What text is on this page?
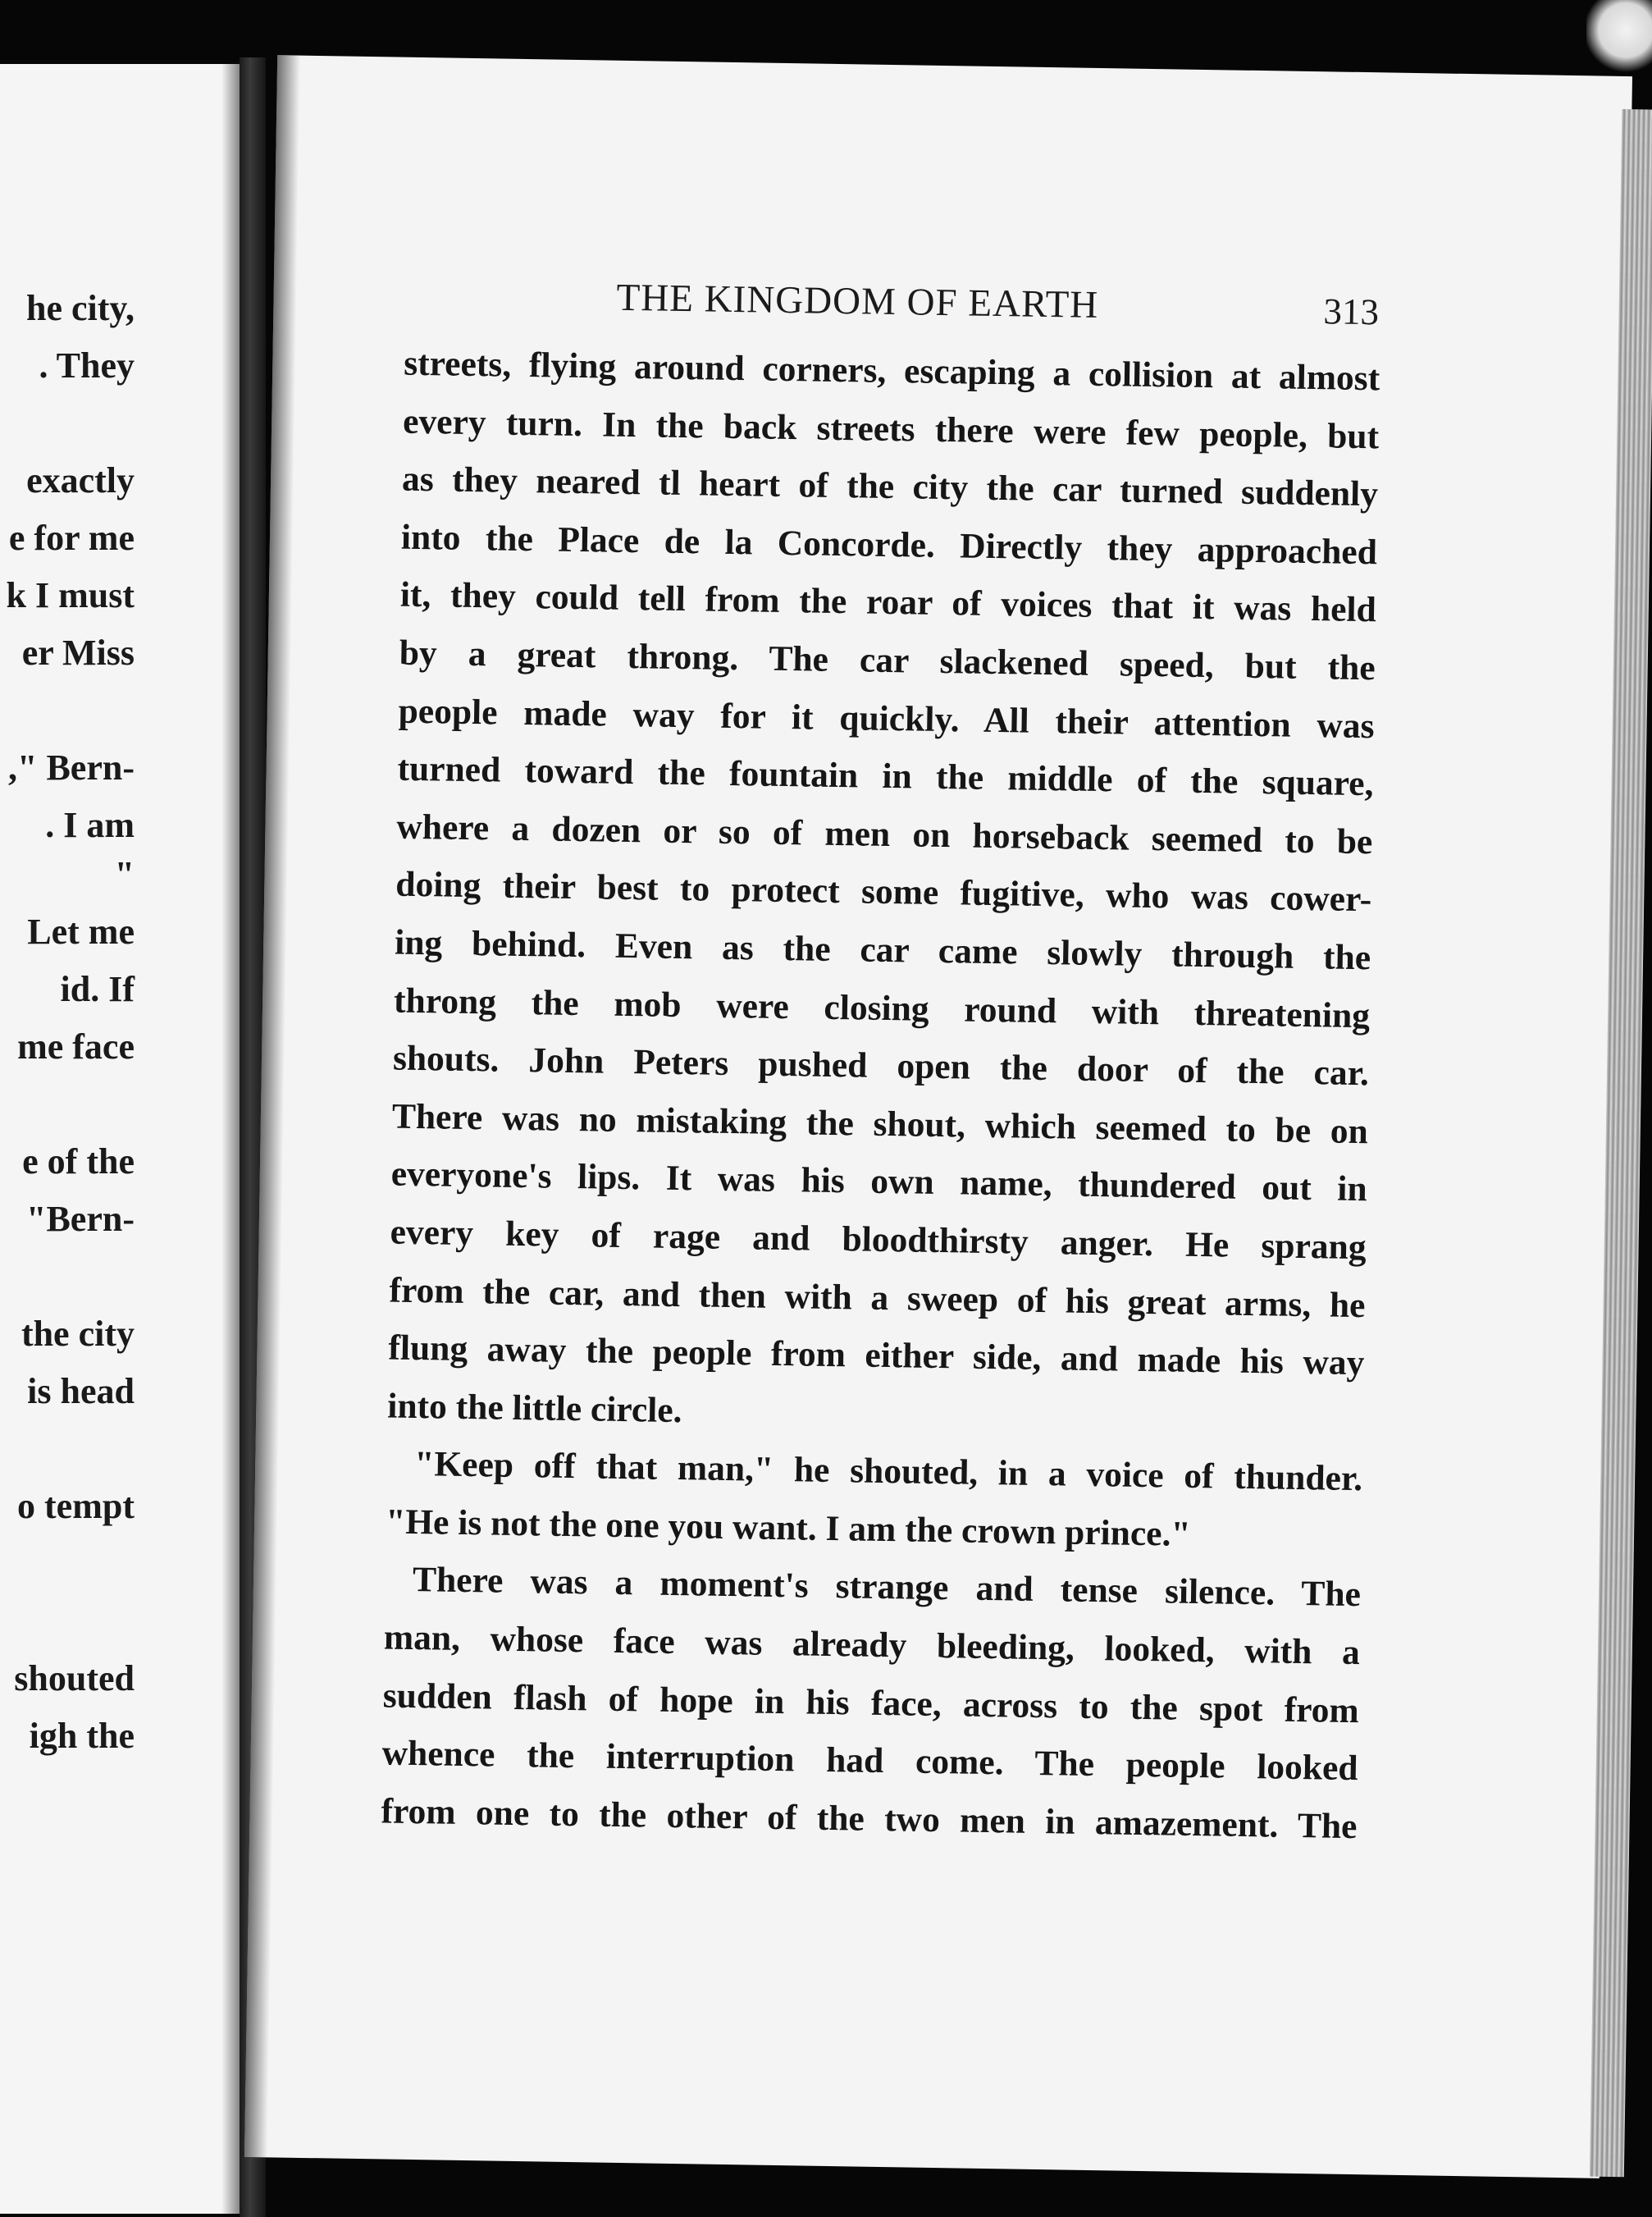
he city,
. They
exactly
e for me
k I must
er Miss
," Bern-
. I am
"
Let me
id. If
me face
e of the
"Bern-
the city
is head
o tempt
shouted
igh the
THE KINGDOM OF EARTH	313
streets, flying around corners, escaping a collision at almost
every turn. In the back streets there were few people, but
as they neared tl heart of the city the car turned suddenly
into the Place de la Concorde. Directly they approached
it, they could tell from the roar of voices that it was held
by a great throng. The car slackened speed, but the
people made way for it quickly. All their attention was
turned toward the fountain in the middle of the square,
where a dozen or so of men on horseback seemed to be
doing their best to protect some fugitive, who was cower-
ing behind. Even as the car came slowly through the
throng the mob were closing round with threatening
shouts. John Peters pushed open the door of the car.
There was no mistaking the shout, which seemed to be on
everyone's lips. It was his own name, thundered out in
every key of rage and bloodthirsty anger. He sprang
from the car, and then with a sweep of his great arms, he
flung away the people from either side, and made his way
into the little circle.
"Keep off that man," he shouted, in a voice of thunder.
"He is not the one you want. I am the crown prince."
There was a moment's strange and tense silence. The
man, whose face was already bleeding, looked, with a
sudden flash of hope in his face, across to the spot from
whence the interruption had come. The people looked
from one to the other of the two men in amazement. The
